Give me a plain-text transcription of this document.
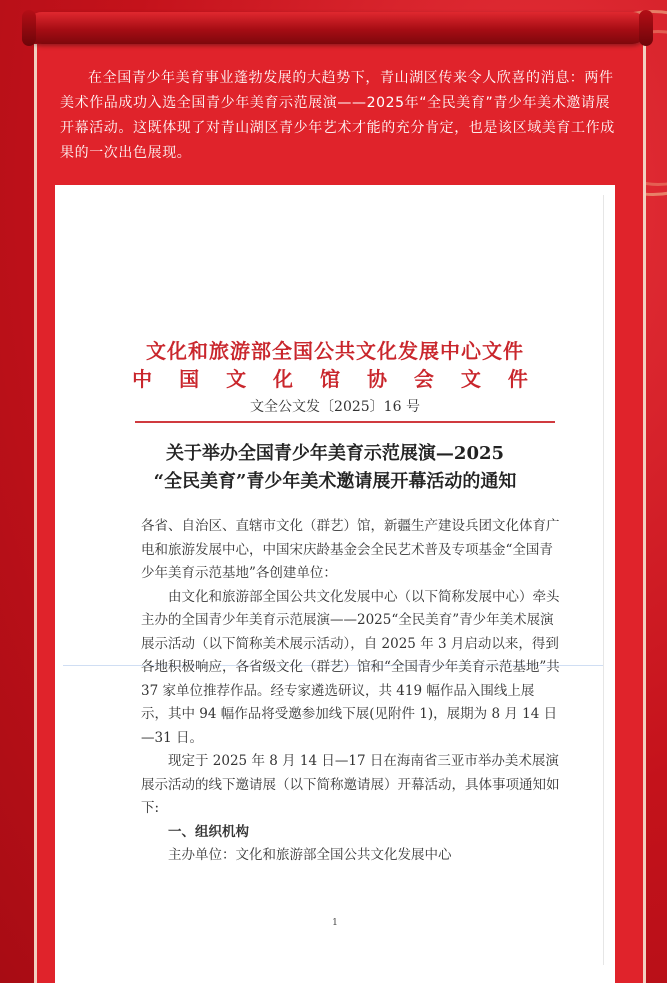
在全国青少年美育事业蓬勃发展的大趋势下，青山湖区传来令人欣喜的消息：两件美术作品成功入选全国青少年美育示范展演——2025年“全民美育”青少年美术邀请展开幕活动。这既体现了对青山湖区青少年艺术才能的充分肯定，也是该区域美育工作成果的一次出色展现。
文化和旅游部全国公共文化发展中心文件
中 国 文 化 馆 协 会 文 件
文全公文发〔2025〕16 号
关于举办全国青少年美育示范展演—2025
“全民美育”青少年美术邀请展开幕活动的通知

各省、自治区、直辖市文化（群艺）馆，新疆生产建设兵团文化体育广电和旅游发展中心，中国宋庆龄基金会全民艺术普及专项基金“全国青少年美育示范基地”各创建单位：

由文化和旅游部全国公共文化发展中心（以下简称发展中心）牵头主办的全国青少年美育示范展演——2025“全民美育”青少年美术展演展示活动（以下简称美术展示活动），自 2025 年 3 月启动以来，得到各地积极响应，各省级文化（群艺）馆和“全国青少年美育示范基地”共 37 家单位推荐作品。经专家遴选研议，共 419 幅作品入围线上展示，其中 94 幅作品将受邀参加线下展(见附件 1)，展期为 8 月 14 日—31 日。

现定于 2025 年 8 月 14 日—17 日在海南省三亚市举办美术展演展示活动的线下邀请展（以下简称邀请展）开幕活动，具体事项通知如下:

一、组织机构

主办单位：文化和旅游部全国公共文化发展中心

1
